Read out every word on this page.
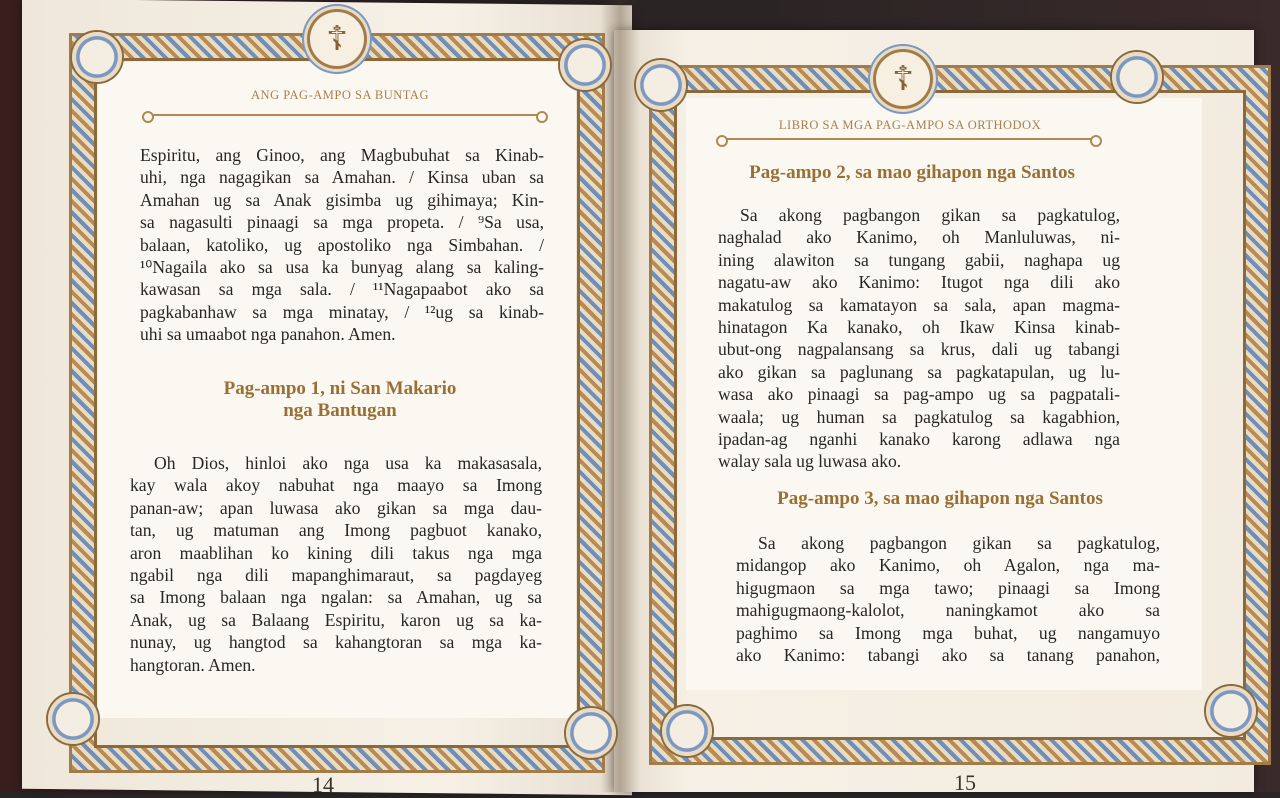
☦
☦
ANG PAG-AMPO SA BUNTAG
Espiritu, ang Ginoo, ang Magbubuhat sa Kinab-
uhi, nga nagagikan sa Amahan. / Kinsa uban sa
Amahan ug sa Anak gisimba ug gihimaya; Kin-
sa nagasulti pinaagi sa mga propeta. / ⁹Sa usa,
balaan, katoliko, ug apostoliko nga Simbahan. /
¹⁰Nagaila ako sa usa ka bunyag alang sa kaling-
kawasan sa mga sala. / ¹¹Nagapaabot ako sa
pagkabanhaw sa mga minatay, / ¹²ug sa kinab-
uhi sa umaabot nga panahon. Amen.
Pag-ampo 1, ni San Makario
nga Bantugan
Oh Dios, hinloi ako nga usa ka makasasala,
kay wala akoy nabuhat nga maayo sa Imong
panan-aw; apan luwasa ako gikan sa mga dau-
tan, ug matuman ang Imong pagbuot kanako,
aron maablihan ko kining dili takus nga mga
ngabil nga dili mapanghimaraut, sa pagdayeg
sa Imong balaan nga ngalan: sa Amahan, ug sa
Anak, ug sa Balaang Espiritu, karon ug sa ka-
nunay, ug hangtod sa kahangtoran sa mga ka-
hangtoran. Amen.
14
LIBRO SA MGA PAG-AMPO SA ORTHODOX
Pag-ampo 2, sa mao gihapon nga Santos
Sa akong pagbangon gikan sa pagkatulog,
naghalad ako Kanimo, oh Manluluwas, ni-
ining alawiton sa tungang gabii, naghapa ug
nagatu-aw ako Kanimo: Itugot nga dili ako
makatulog sa kamatayon sa sala, apan magma-
hinatagon Ka kanako, oh Ikaw Kinsa kinab-
ubut-ong nagpalansang sa krus, dali ug tabangi
ako gikan sa paglunang sa pagkatapulan, ug lu-
wasa ako pinaagi sa pag-ampo ug sa pagpatali-
waala; ug human sa pagkatulog sa kagabhion,
ipadan-ag nganhi kanako karong adlawa nga
walay sala ug luwasa ako.
Pag-ampo 3, sa mao gihapon nga Santos
Sa akong pagbangon gikan sa pagkatulog,
midangop ako Kanimo, oh Agalon, nga ma-
higugmaon sa mga tawo; pinaagi sa Imong
mahigugmaong-kalolot, naningkamot ako sa
paghimo sa Imong mga buhat, ug nangamuyo
ako Kanimo: tabangi ako sa tanang panahon,
15
